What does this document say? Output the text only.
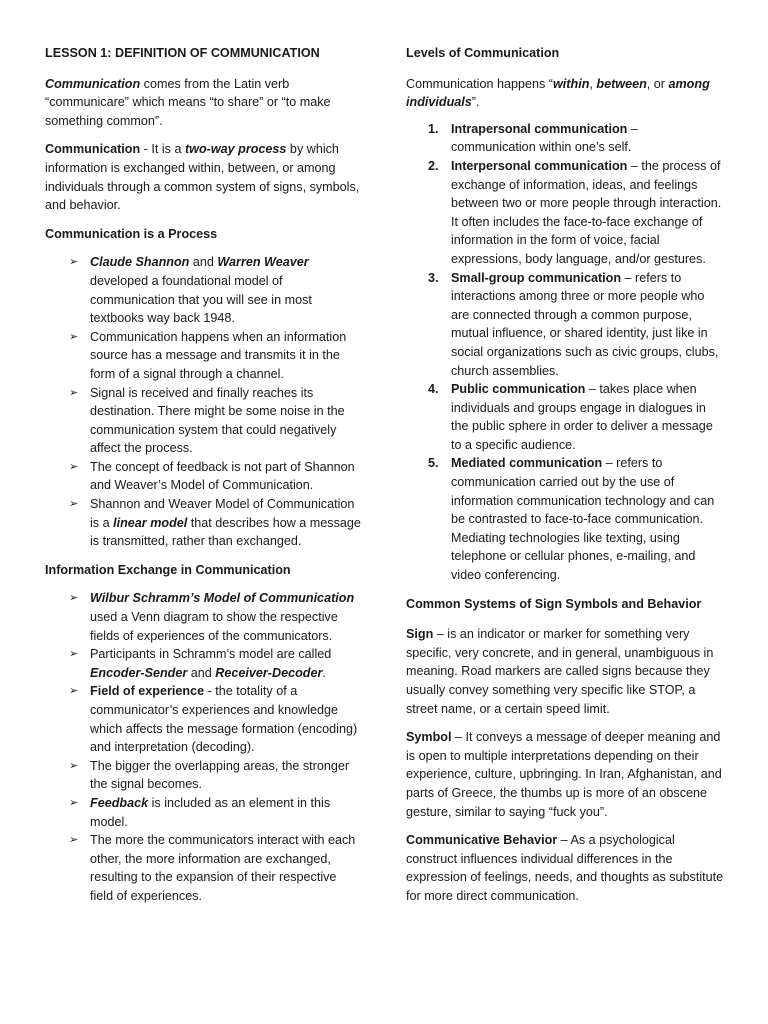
LESSON 1: DEFINITION OF COMMUNICATION

Communication comes from the Latin verb “communicare” which means “to share” or “to make something common”.

Communication - It is a two-way process by which information is exchanged within, between, or among individuals through a common system of signs, symbols, and behavior.

Communication is a Process

➢ Claude Shannon and Warren Weaver developed a foundational model of communication that you will see in most textbooks way back 1948.
➢ Communication happens when an information source has a message and transmits it in the form of a signal through a channel.
➢ Signal is received and finally reaches its destination. There might be some noise in the communication system that could negatively affect the process.
➢ The concept of feedback is not part of Shannon and Weaver’s Model of Communication.
➢ Shannon and Weaver Model of Communication is a linear model that describes how a message is transmitted, rather than exchanged.

Information Exchange in Communication

➢ Wilbur Schramm’s Model of Communication used a Venn diagram to show the respective fields of experiences of the communicators.
➢ Participants in Schramm’s model are called Encoder-Sender and Receiver-Decoder.
➢ Field of experience - the totality of a communicator’s experiences and knowledge which affects the message formation (encoding) and interpretation (decoding).
➢ The bigger the overlapping areas, the stronger the signal becomes.
➢ Feedback is included as an element in this model.
➢ The more the communicators interact with each other, the more information are exchanged, resulting to the expansion of their respective field of experiences.

Levels of Communication

Communication happens “within, between, or among individuals”.

1. Intrapersonal communication – communication within one’s self.
2. Interpersonal communication – the process of exchange of information, ideas, and feelings between two or more people through interaction. It often includes the face-to-face exchange of information in the form of voice, facial expressions, body language, and/or gestures.
3. Small-group communication – refers to interactions among three or more people who are connected through a common purpose, mutual influence, or shared identity, just like in social organizations such as civic groups, clubs, church assemblies.
4. Public communication – takes place when individuals and groups engage in dialogues in the public sphere in order to deliver a message to a specific audience.
5. Mediated communication – refers to communication carried out by the use of information communication technology and can be contrasted to face-to-face communication. Mediating technologies like texting, using telephone or cellular phones, e-mailing, and video conferencing.

Common Systems of Sign Symbols and Behavior

Sign – is an indicator or marker for something very specific, very concrete, and in general, unambiguous in meaning. Road markers are called signs because they usually convey something very specific like STOP, a street name, or a certain speed limit.

Symbol – It conveys a message of deeper meaning and is open to multiple interpretations depending on their experience, culture, upbringing. In Iran, Afghanistan, and parts of Greece, the thumbs up is more of an obscene gesture, similar to saying “fuck you”.

Communicative Behavior – As a psychological construct influences individual differences in the expression of feelings, needs, and thoughts as substitute for more direct communication.
